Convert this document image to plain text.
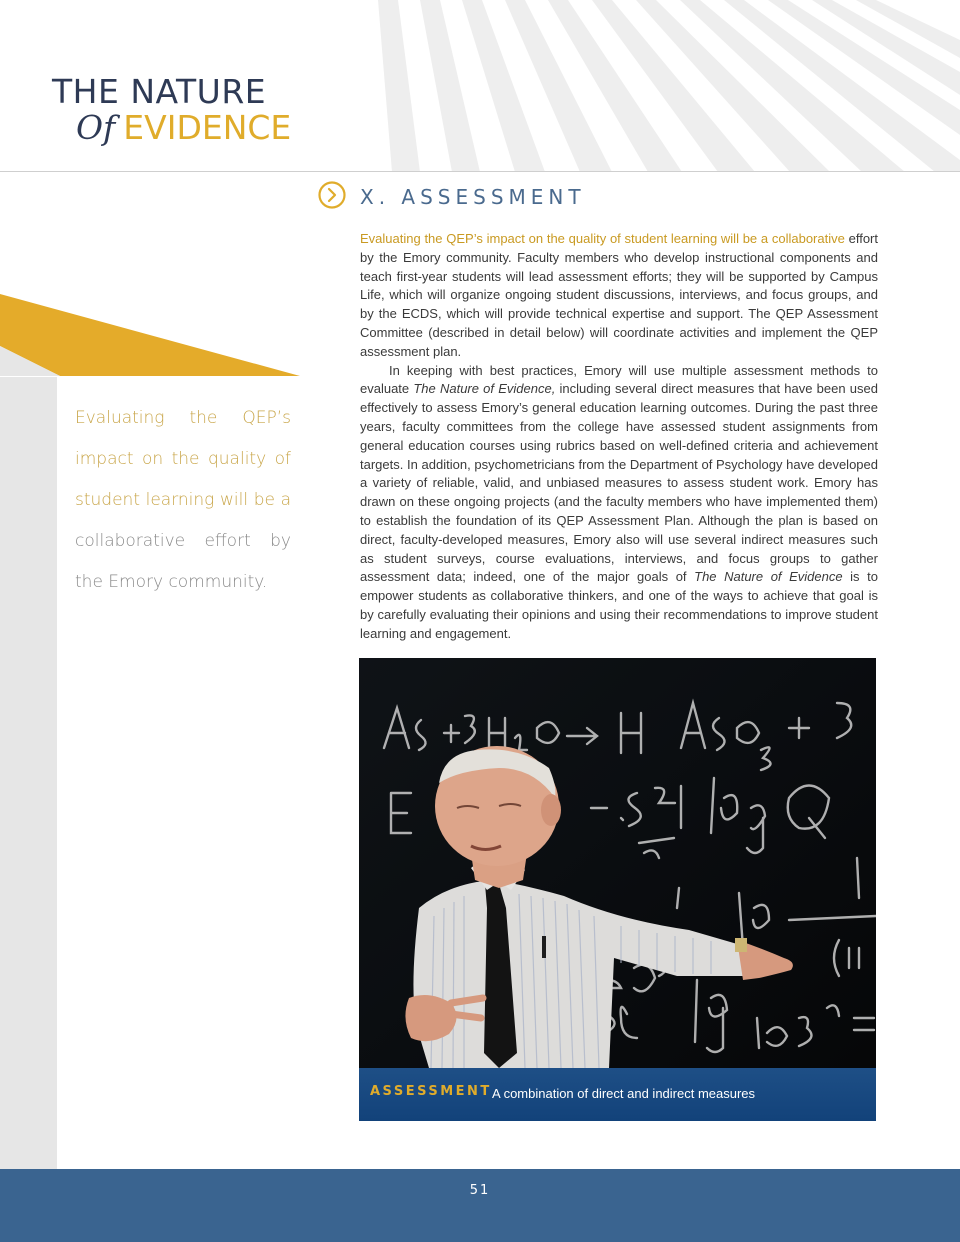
THE NATURE
Of EVIDENCE
Evaluating the QEP’s impact on the quality of student learning will be a collaborative effort by the Emory community.
X. ASSESSMENT

Evaluating the QEP’s impact on the quality of student learning will be a collaborative effort by the Emory community. Faculty members who develop instructional components and teach first-year students will lead assessment efforts; they will be supported by Campus Life, which will organize ongoing student discussions, interviews, and focus groups, and by the ECDS, which will provide technical expertise and support. The QEP Assessment Committee (described in detail below) will coordinate activities and implement the QEP assessment plan.

In keeping with best practices, Emory will use multiple assessment methods to evaluate The Nature of Evidence, including several direct measures that have been used effectively to assess Emory’s general education learning outcomes. During the past three years, faculty committees from the college have assessed student assignments from general education courses using rubrics based on well-defined criteria and achievement targets. In addition, psychometricians from the Department of Psychology have developed a variety of reliable, valid, and unbiased measures to assess student work. Emory has drawn on these ongoing projects (and the faculty members who have implemented them) to establish the foundation of its QEP Assessment Plan. Although the plan is based on direct, faculty-developed measures, Emory also will use several indirect measures such as student surveys, course evaluations, interviews, and focus groups to gather assessment data; indeed, one of the major goals of The Nature of Evidence is to empower students as collaborative thinkers, and one of the ways to achieve that goal is by carefully evaluating their opinions and using their recommendations to improve student learning and engagement.

ASSESSMENT A combination of direct and indirect measures
51
